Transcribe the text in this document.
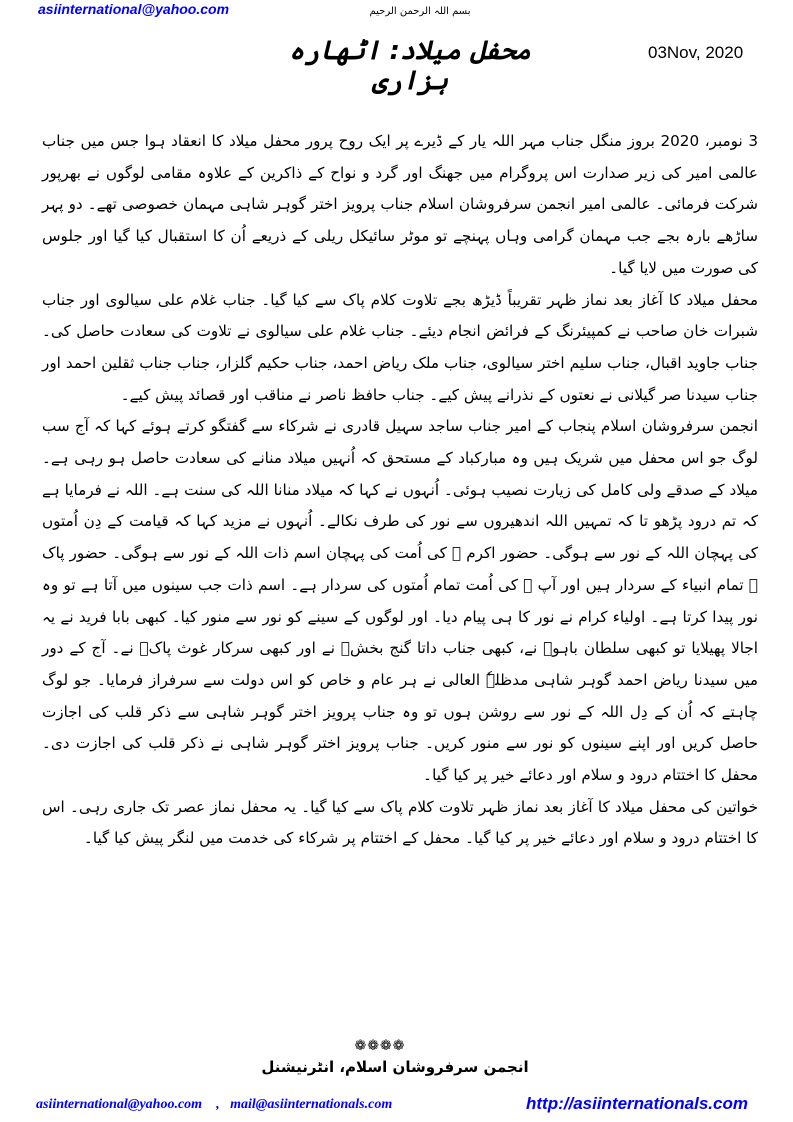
asiinternational@yahoo.com	بسم اللہ الرحمن الرحیم
03Nov, 2020
محفل میلاد: اٹھارہ ہزاری

3 نومبر، 2020 بروز منگل جناب مہر اللہ یار کے ڈیرے پر ایک روح پرور محفل میلاد کا انعقاد ہوا جس میں جناب عالمی امیر کی زیر صدارت اس پروگرام میں جھنگ اور گرد و نواح کے ذاکرین کے علاوہ مقامی لوگوں نے بھرپور شرکت فرمائی۔ عالمی امیر انجمن سرفروشان اسلام جناب پرویز اختر گوہر شاہی مہمان خصوصی تھے۔ دو پہر ساڑھے بارہ بجے جب مہمان گرامی وہاں پہنچے تو موٹر سائیکل ریلی کے ذریعے اُن کا استقبال کیا گیا اور جلوس کی صورت میں لایا گیا۔

محفل میلاد کا آغاز بعد نماز ظہر تقریباً ڈیڑھ بجے تلاوت کلام پاک سے کیا گیا۔ جناب غلام علی سیالوی اور جناب شبرات خان صاحب نے کمپیئرنگ کے فرائض انجام دیئے۔ جناب غلام علی سیالوی نے تلاوت کی سعادت حاصل کی۔ جناب جاوید اقبال، جناب سلیم اختر سیالوی، جناب ملک ریاض احمد، جناب حکیم گلزار، جناب جناب ثقلین احمد اور جناب سیدنا صر گیلانی نے نعتوں کے نذرانے پیش کیے۔ جناب حافظ ناصر نے مناقب اور قصائد پیش کیے۔

انجمن سرفروشان اسلام پنجاب کے امیر جناب ساجد سہیل قادری نے شرکاء سے گفتگو کرتے ہوئے کہا کہ آج سب لوگ جو اس محفل میں شریک ہیں وہ مبارکباد کے مستحق کہ اُنہیں میلاد منانے کی سعادت حاصل ہو رہی ہے۔ میلاد کے صدقے ولی کامل کی زیارت نصیب ہوئی۔ اُنہوں نے کہا کہ میلاد منانا اللہ کی سنت ہے۔ اللہ نے فرمایا ہے کہ تم درود پڑھو تا کہ تمہیں اللہ اندھیروں سے نور کی طرف نکالے۔ اُنہوں نے مزید کہا کہ قیامت کے دِن اُمتوں کی پہچان اللہ کے نور سے ہوگی۔ حضور اکرم ﷺ کی اُمت کی پہچان اسم ذات اللہ کے نور سے ہوگی۔ حضور پاک ﷺ تمام انبیاء کے سردار ہیں اور آپ ﷺ کی اُمت تمام اُمتوں کی سردار ہے۔ اسم ذات جب سینوں میں آتا ہے تو وہ نور پیدا کرتا ہے۔ اولیاء کرام نے نور کا ہی پیام دیا۔ اور لوگوں کے سینے کو نور سے منور کیا۔ کبھی بابا فرید نے یہ اجالا پھیلایا تو کبھی سلطان باہوؒ نے، کبھی جناب داتا گنج بخشؒ نے اور کبھی سرکار غوث پاکؒ نے۔ آج کے دور میں سیدنا ریاض احمد گوہر شاہی مدظلہٗ العالی نے ہر عام و خاص کو اس دولت سے سرفراز فرمایا۔ جو لوگ چاہتے کہ اُن کے دِل اللہ کے نور سے روشن ہوں تو وہ جناب پرویز اختر گوہر شاہی سے ذکر قلب کی اجازت حاصل کریں اور اپنے سینوں کو نور سے منور کریں۔ جناب پرویز اختر گوہر شاہی نے ذکر قلب کی اجازت دی۔ محفل کا اختتام درود و سلام اور دعائے خیر پر کیا گیا۔

خواتین کی محفل میلاد کا آغاز بعد نماز ظہر تلاوت کلام پاک سے کیا گیا۔ یہ محفل نماز عصر تک جاری رہی۔ اس کا اختتام درود و سلام اور دعائے خیر پر کیا گیا۔ محفل کے اختتام پر شرکاء کی خدمت میں لنگر پیش کیا گیا۔

❁❁❁❁
انجمن سرفروشان اسلام، انٹرنیشنل
asiinternational@yahoo.com , mail@asiinternationals.com	http://asiinternationals.com
